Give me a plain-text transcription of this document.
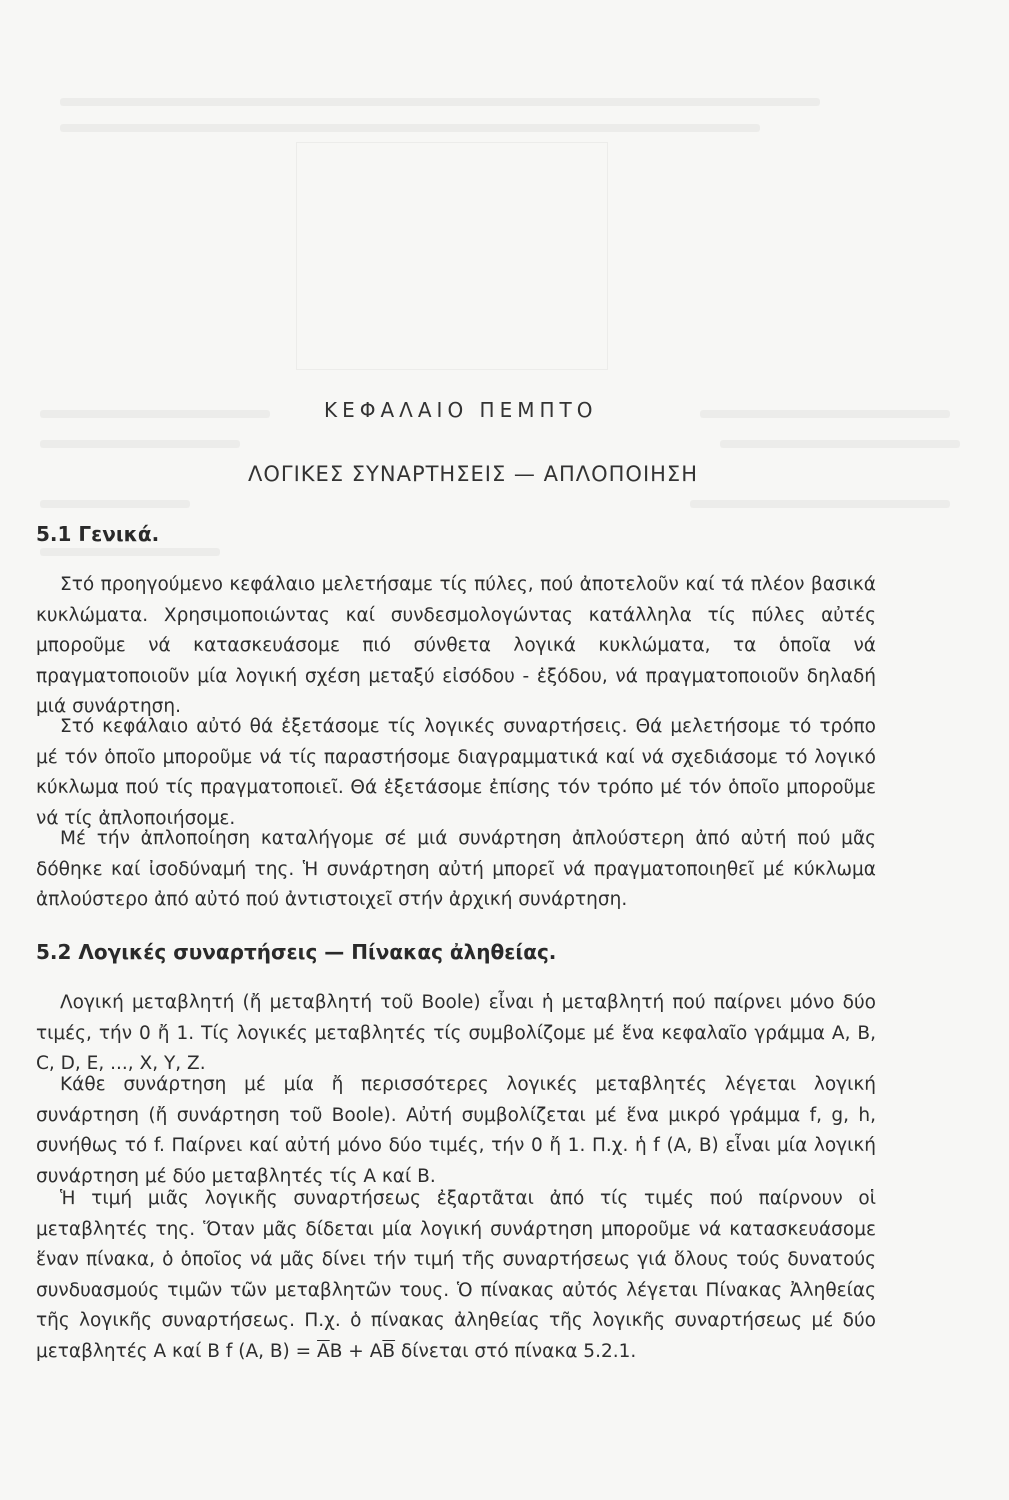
ΚΕΦΑΛΑΙΟ ΠΕΜΠΤΟ
ΛΟΓΙΚΕΣ ΣΥΝΑΡΤΗΣΕΙΣ — ΑΠΛΟΠΟΙΗΣΗ
5.1 Γενικά.
Στό προηγούμενο κεφάλαιο μελετήσαμε τίς πύλες, πού ἀποτελοῦν καί τά πλέον βασικά κυκλώματα. Χρησιμοποιώντας καί συνδεσμολογώντας κατάλληλα τίς πύλες αὐτές μποροῦμε νά κατασκευάσομε πιό σύνθετα λογικά κυκλώματα, τα ὁποῖα νά πραγματοποιοῦν μία λογική σχέση μεταξύ εἰσόδου - ἐξόδου, νά πραγματοποιοῦν δηλαδή μιά συνάρτηση.
Στό κεφάλαιο αὐτό θά ἐξετάσομε τίς λογικές συναρτήσεις. Θά μελετήσομε τό τρόπο μέ τόν ὁποῖο μποροῦμε νά τίς παραστήσομε διαγραμματικά καί νά σχεδιάσομε τό λογικό κύκλωμα πού τίς πραγματοποιεῖ. Θά ἐξετάσομε ἐπίσης τόν τρόπο μέ τόν ὁποῖο μποροῦμε νά τίς ἀπλοποιήσομε.
Μέ τήν ἀπλοποίηση καταλήγομε σέ μιά συνάρτηση ἀπλούστερη ἀπό αὐτή πού μᾶς δόθηκε καί ἰσοδύναμή της. Ἡ συνάρτηση αὐτή μπορεῖ νά πραγματοποιηθεῖ μέ κύκλωμα ἀπλούστερο ἀπό αὐτό πού ἀντιστοιχεῖ στήν ἀρχική συνάρτηση.
5.2 Λογικές συναρτήσεις — Πίνακας ἀληθείας.
Λογική μεταβλητή (ἤ μεταβλητή τοῦ Boole) εἶναι ἡ μεταβλητή πού παίρνει μόνο δύο τιμές, τήν 0 ἤ 1. Τίς λογικές μεταβλητές τίς συμβολίζομε μέ ἕνα κεφαλαῖο γράμμα A, B, C, D, E, ..., X, Y, Z.
Κάθε συνάρτηση μέ μία ἤ περισσότερες λογικές μεταβλητές λέγεται λογική συνάρτηση (ἤ συνάρτηση τοῦ Boole). Αὐτή συμβολίζεται μέ ἕνα μικρό γράμμα f, g, h, συνήθως τό f. Παίρνει καί αὐτή μόνο δύο τιμές, τήν 0 ἤ 1. Π.χ. ἡ f (A, B) εἶναι μία λογική συνάρτηση μέ δύο μεταβλητές τίς A καί B.
Ἡ τιμή μιᾶς λογικῆς συναρτήσεως ἐξαρτᾶται ἀπό τίς τιμές πού παίρνουν οἱ μεταβλητές της. Ὅταν μᾶς δίδεται μία λογική συνάρτηση μποροῦμε νά κατασκευάσομε ἕναν πίνακα, ὁ ὁποῖος νά μᾶς δίνει τήν τιμή τῆς συναρτήσεως γιά ὅλους τούς δυνατούς συνδυασμούς τιμῶν τῶν μεταβλητῶν τους. Ὁ πίνακας αὐτός λέγεται Πίνακας Ἀληθείας τῆς λογικῆς συναρτήσεως. Π.χ. ὁ πίνακας ἀληθείας τῆς λογικῆς συναρτήσεως μέ δύο μεταβλητές A καί B f (A, $B) = \overline{A}B + A\overline{B}$ δίνεται στό πίνακα 5.2.1.
